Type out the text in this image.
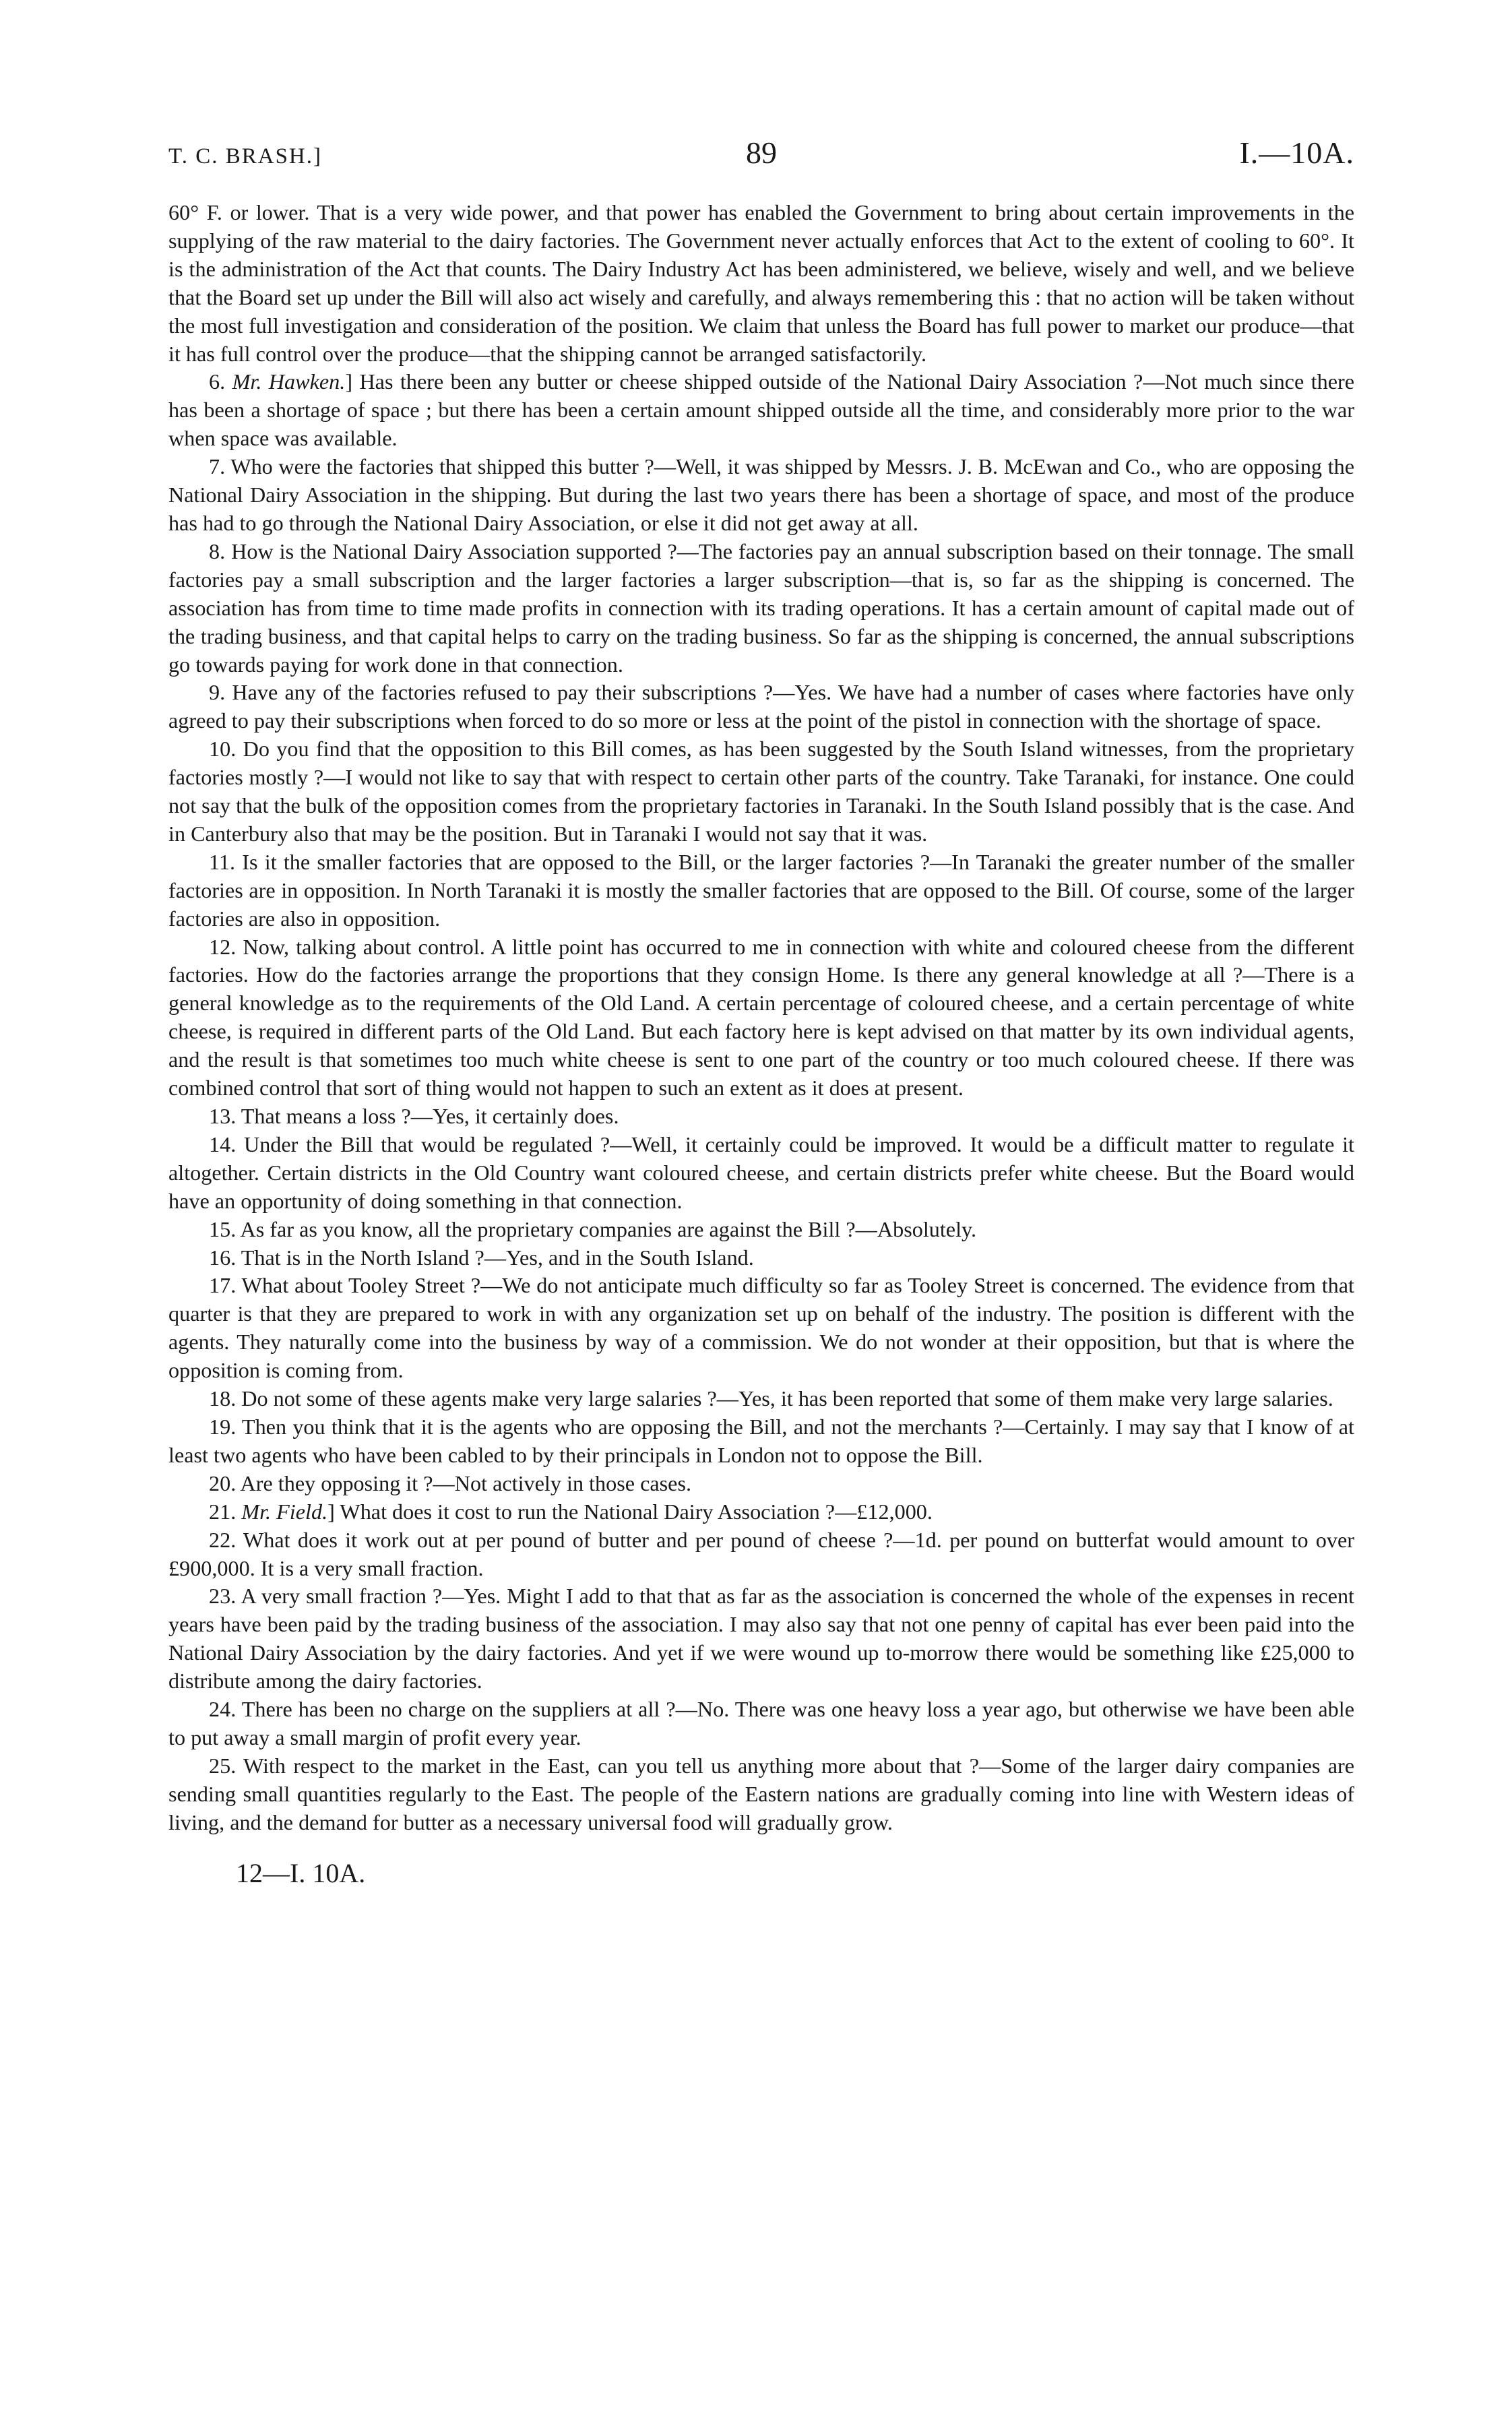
T. C. BRASH.]	89	I.—10A.

60° F. or lower. That is a very wide power, and that power has enabled the Government to bring about certain improvements in the supplying of the raw material to the dairy factories. The Government never actually enforces that Act to the extent of cooling to 60°. It is the administration of the Act that counts. The Dairy Industry Act has been administered, we believe, wisely and well, and we believe that the Board set up under the Bill will also act wisely and carefully, and always remembering this : that no action will be taken without the most full investigation and consideration of the position. We claim that unless the Board has full power to market our produce—that it has full control over the produce—that the shipping cannot be arranged satisfactorily.

6. Mr. Hawken.] Has there been any butter or cheese shipped outside of the National Dairy Association ?—Not much since there has been a shortage of space ; but there has been a certain amount shipped outside all the time, and considerably more prior to the war when space was available.

7. Who were the factories that shipped this butter ?—Well, it was shipped by Messrs. J. B. McEwan and Co., who are opposing the National Dairy Association in the shipping. But during the last two years there has been a shortage of space, and most of the produce has had to go through the National Dairy Association, or else it did not get away at all.

8. How is the National Dairy Association supported ?—The factories pay an annual subscription based on their tonnage. The small factories pay a small subscription and the larger factories a larger subscription—that is, so far as the shipping is concerned. The association has from time to time made profits in connection with its trading operations. It has a certain amount of capital made out of the trading business, and that capital helps to carry on the trading business. So far as the shipping is concerned, the annual subscriptions go towards paying for work done in that connection.

9. Have any of the factories refused to pay their subscriptions ?—Yes. We have had a number of cases where factories have only agreed to pay their subscriptions when forced to do so more or less at the point of the pistol in connection with the shortage of space.

10. Do you find that the opposition to this Bill comes, as has been suggested by the South Island witnesses, from the proprietary factories mostly ?—I would not like to say that with respect to certain other parts of the country. Take Taranaki, for instance. One could not say that the bulk of the opposition comes from the proprietary factories in Taranaki. In the South Island possibly that is the case. And in Canterbury also that may be the position. But in Taranaki I would not say that it was.

11. Is it the smaller factories that are opposed to the Bill, or the larger factories ?—In Taranaki the greater number of the smaller factories are in opposition. In North Taranaki it is mostly the smaller factories that are opposed to the Bill. Of course, some of the larger factories are also in opposition.

12. Now, talking about control. A little point has occurred to me in connection with white and coloured cheese from the different factories. How do the factories arrange the proportions that they consign Home. Is there any general knowledge at all ?—There is a general knowledge as to the requirements of the Old Land. A certain percentage of coloured cheese, and a certain percentage of white cheese, is required in different parts of the Old Land. But each factory here is kept advised on that matter by its own individual agents, and the result is that sometimes too much white cheese is sent to one part of the country or too much coloured cheese. If there was combined control that sort of thing would not happen to such an extent as it does at present.

13. That means a loss ?—Yes, it certainly does.

14. Under the Bill that would be regulated ?—Well, it certainly could be improved. It would be a difficult matter to regulate it altogether. Certain districts in the Old Country want coloured cheese, and certain districts prefer white cheese. But the Board would have an opportunity of doing something in that connection.

15. As far as you know, all the proprietary companies are against the Bill ?—Absolutely.

16. That is in the North Island ?—Yes, and in the South Island.

17. What about Tooley Street ?—We do not anticipate much difficulty so far as Tooley Street is concerned. The evidence from that quarter is that they are prepared to work in with any organization set up on behalf of the industry. The position is different with the agents. They naturally come into the business by way of a commission. We do not wonder at their opposition, but that is where the opposition is coming from.

18. Do not some of these agents make very large salaries ?—Yes, it has been reported that some of them make very large salaries.

19. Then you think that it is the agents who are opposing the Bill, and not the merchants ?—Certainly. I may say that I know of at least two agents who have been cabled to by their principals in London not to oppose the Bill.

20. Are they opposing it ?—Not actively in those cases.

21. Mr. Field.] What does it cost to run the National Dairy Association ?—£12,000.

22. What does it work out at per pound of butter and per pound of cheese ?—1d. per pound on butterfat would amount to over £900,000. It is a very small fraction.

23. A very small fraction ?—Yes. Might I add to that that as far as the association is concerned the whole of the expenses in recent years have been paid by the trading business of the association. I may also say that not one penny of capital has ever been paid into the National Dairy Association by the dairy factories. And yet if we were wound up to-morrow there would be something like £25,000 to distribute among the dairy factories.

24. There has been no charge on the suppliers at all ?—No. There was one heavy loss a year ago, but otherwise we have been able to put away a small margin of profit every year.

25. With respect to the market in the East, can you tell us anything more about that ?—Some of the larger dairy companies are sending small quantities regularly to the East. The people of the Eastern nations are gradually coming into line with Western ideas of living, and the demand for butter as a necessary universal food will gradually grow.

12—I. 10A.
